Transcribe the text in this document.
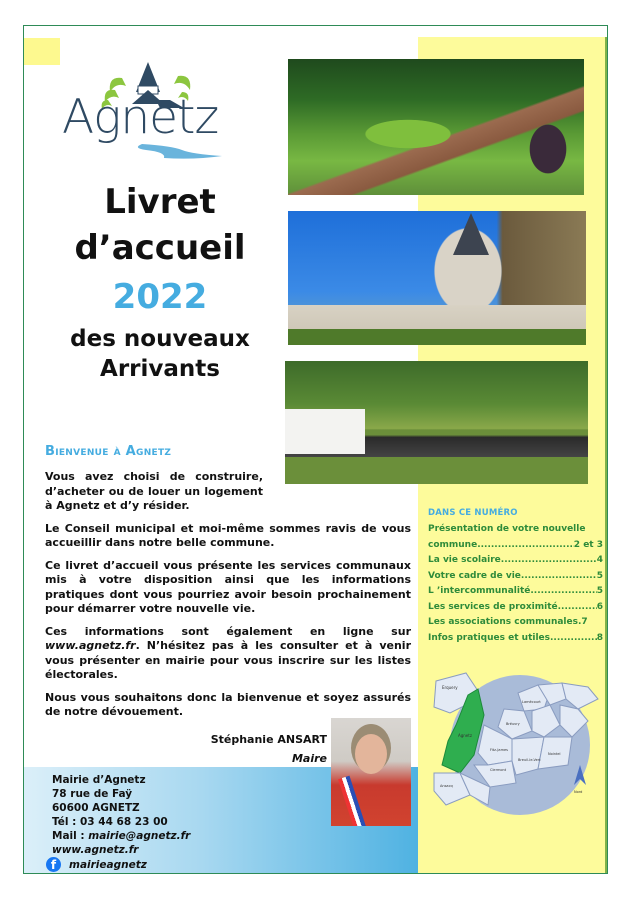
Agnetz
Livret
d’accueil
2022
des nouveaux
Arrivants
Bienvenue à Agnetz

Vous avez choisi de construire, d’acheter ou de louer un logement à Agnetz et d’y résider.

Le Conseil municipal et moi-même sommes ravis de vous accueillir dans notre belle commune.

Ce livret d’accueil vous présente les services communaux mis à votre disposition ainsi que les informations pratiques dont vous pourriez avoir besoin prochainement pour démarrer votre nouvelle vie.

Ces informations sont également en ligne sur www.agnetz.fr. N’hésitez pas à les consulter et à venir vous présenter en mairie pour vous inscrire sur les listes électorales.

Nous vous souhaitons donc la bienvenue et soyez assurés de notre dévouement.

Stéphanie ANSART
Maire
Mairie d’Agnetz
78 rue de Faÿ
60600 AGNETZ
Tél : 03 44 68 23 00
Mail : mairie@agnetz.fr
www.agnetz.fr
f	mairieagnetz
DANS CE NUMÉRO
Présentation de votre nouvelle
commune .....	2 et 3
La vie scolaire .....	4
Votre cadre de vie .....	5
L ’intercommunalité .....	5
Les services de proximité .....	6
Les associations communales .7
Infos pratiques et utiles .....	8
Erquery
Agnetz
Lamécourt
Bréuvry
Fitz-James
Clermont
Breuil-le-Vert
Nointel
Ansacq
Nord
